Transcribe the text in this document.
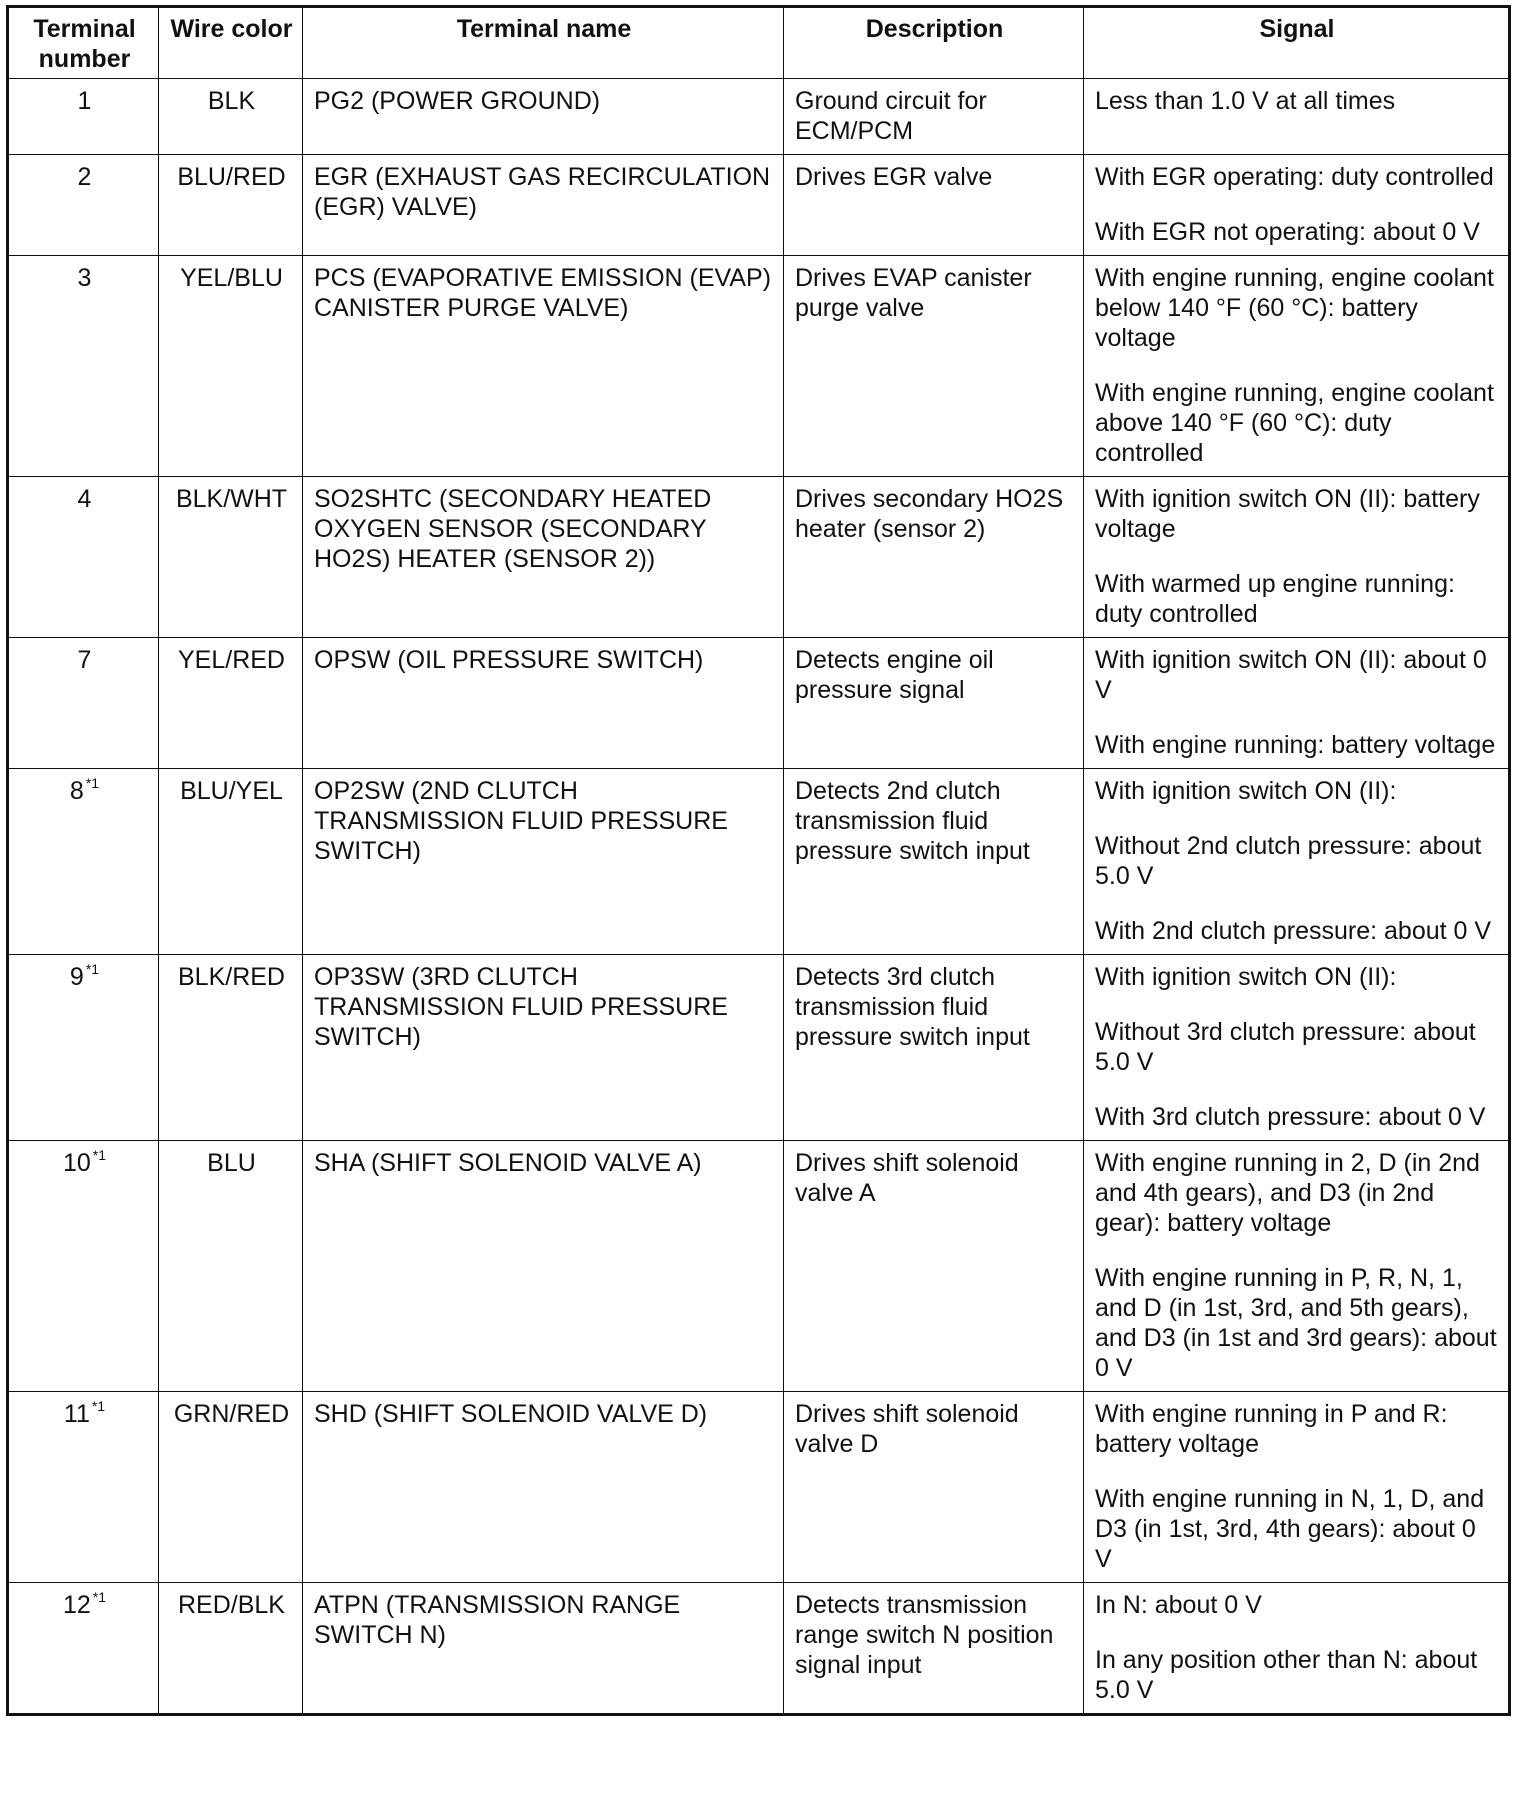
Terminal number	Wire color	Terminal name	Description	Signal
1	BLK	PG2 (POWER GROUND)	Ground circuit for ECM/PCM	Less than 1.0 V at all times

2	BLU/RED	EGR (EXHAUST GAS RECIRCULATION (EGR) VALVE)	Drives EGR valve	With EGR operating: duty controlled

With EGR not operating: about 0 V

3	YEL/BLU	PCS (EVAPORATIVE EMISSION (EVAP) CANISTER PURGE VALVE)	Drives EVAP canister purge valve	With engine running, engine coolant below 140 °F (60 °C): battery voltage

With engine running, engine coolant above 140 °F (60 °C): duty controlled

4	BLK/WHT	SO2SHTC (SECONDARY HEATED OXYGEN SENSOR (SECONDARY HO2S) HEATER (SENSOR 2))	Drives secondary HO2S heater (sensor 2)	With ignition switch ON (II): battery voltage

With warmed up engine running: duty controlled

7	YEL/RED	OPSW (OIL PRESSURE SWITCH)	Detects engine oil pressure signal	With ignition switch ON (II): about 0 V

With engine running: battery voltage

8 $^{*1}$	BLU/YEL	OP2SW (2ND CLUTCH TRANSMISSION FLUID PRESSURE SWITCH)	Detects 2nd clutch transmission fluid pressure switch input	With ignition switch ON (II):

Without 2nd clutch pressure: about 5.0 V

With 2nd clutch pressure: about 0 V

9 $^{*1}$	BLK/RED	OP3SW (3RD CLUTCH TRANSMISSION FLUID PRESSURE SWITCH)	Detects 3rd clutch transmission fluid pressure switch input	With ignition switch ON (II):

Without 3rd clutch pressure: about 5.0 V

With 3rd clutch pressure: about 0 V

10 $^{*1}$	BLU	SHA (SHIFT SOLENOID VALVE A)	Drives shift solenoid valve A	With engine running in 2, D (in 2nd and 4th gears), and D3 (in 2nd gear): battery voltage

With engine running in P, R, N, 1, and D (in 1st, 3rd, and 5th gears), and D3 (in 1st and 3rd gears): about 0 V

11 $^{*1}$	GRN/RED	SHD (SHIFT SOLENOID VALVE D)	Drives shift solenoid valve D	With engine running in P and R: battery voltage

With engine running in N, 1, D, and D3 (in 1st, 3rd, 4th gears): about 0 V

12 $^{*1}$	RED/BLK	ATPN (TRANSMISSION RANGE SWITCH N)	Detects transmission range switch N position signal input	In N: about 0 V

In any position other than N: about 5.0 V
